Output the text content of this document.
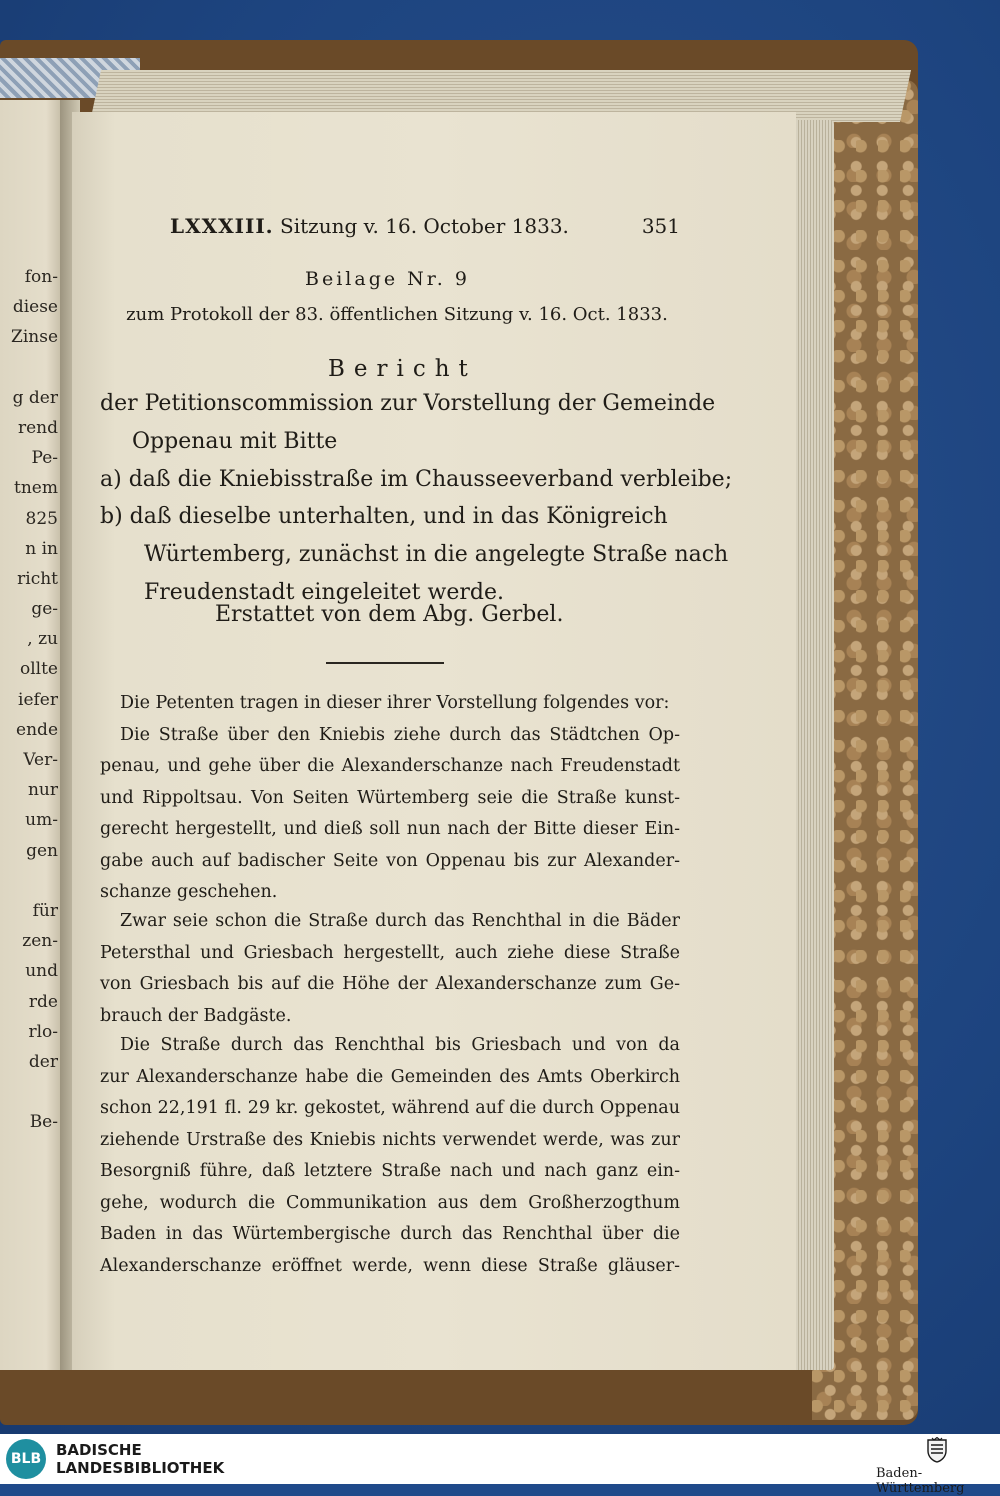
fon-
diese
Zinse
g der
rend
Pe-
tnem
825
n in
richt
ge-
, zu
ollte
iefer
ende
Ver-
nur
um-
gen
für
zen-
und
rde
rlo-
der
Be-
LXXXIII. Sitzung v. 16. October 1833.	351
Beilage Nr. 9
zum Protokoll der 83. öffentlichen Sitzung v. 16. Oct. 1833.
Bericht
der Petitionscommission zur Vorstellung der Gemeinde
Oppenau mit Bitte
a) daß die Kniebisstraße im Chausseeverband verbleibe;
b) daß dieselbe unterhalten, und in das Königreich
Würtemberg, zunächst in die angelegte Straße nach
Freudenstadt eingeleitet werde.
Erstattet von dem Abg. Gerbel.
Die Petenten tragen in dieser ihrer Vorstellung folgendes vor:
Die Straße über den Kniebis ziehe durch das Städtchen Op-
penau, und gehe über die Alexanderschanze nach Freudenstadt
und Rippoltsau. Von Seiten Würtemberg seie die Straße kunst-
gerecht hergestellt, und dieß soll nun nach der Bitte dieser Ein-
gabe auch auf badischer Seite von Oppenau bis zur Alexander-
schanze geschehen.
Zwar seie schon die Straße durch das Renchthal in die Bäder
Petersthal und Griesbach hergestellt, auch ziehe diese Straße
von Griesbach bis auf die Höhe der Alexanderschanze zum Ge-
brauch der Badgäste.
Die Straße durch das Renchthal bis Griesbach und von da
zur Alexanderschanze habe die Gemeinden des Amts Oberkirch
schon 22,191 fl. 29 kr. gekostet, während auf die durch Oppenau
ziehende Urstraße des Kniebis nichts verwendet werde, was zur
Besorgniß führe, daß letztere Straße nach und nach ganz ein-
gehe, wodurch die Communikation aus dem Großherzogthum
Baden in das Würtembergische durch das Renchthal über die
Alexanderschanze eröffnet werde, wenn diese Straße gläuser-
BLB BADISCHE
LANDESBIBLIOTHEK	Baden-Württemberg
